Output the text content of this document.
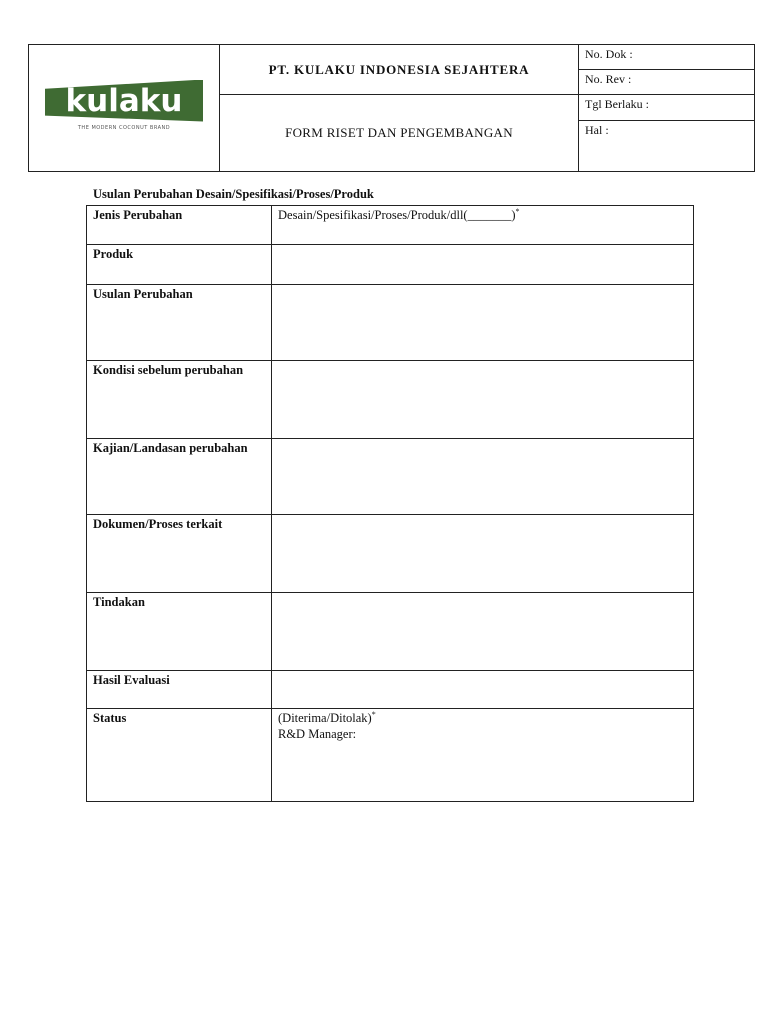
kulaku
THE MODERN COCONUT BRAND	PT. KULAKU INDONESIA SEJAHTERA	No. Dok :
		No. Rev :
	FORM RISET DAN PENGEMBANGAN	Tgl Berlaku :
		Hal :
Usulan Perubahan Desain/Spesifikasi/Proses/Produk
Jenis Perubahan	Desain/Spesifikasi/Proses/Produk/dll(_______)*
Produk	
Usulan Perubahan	
Kondisi sebelum perubahan	
Kajian/Landasan perubahan	
Dokumen/Proses terkait	
Tindakan	
Hasil Evaluasi	
Status	(Diterima/Ditolak)*
R&D Manager:
